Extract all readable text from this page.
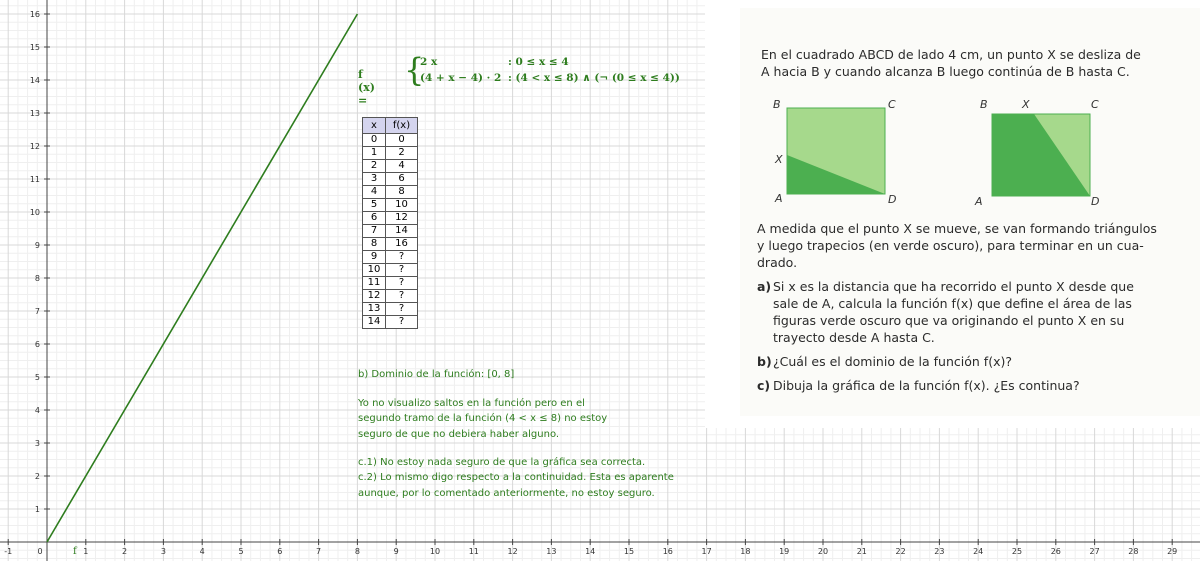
-1	0	1	2	3	4	5	6	7	8	9	10	11	12	13	14	15	16	17	18	19	20	21	22	23	24	25	26	27	28	29
1
2
3
4
5
6
7
8
9
10
11
12
13
14
15
16
f
f (x) =
{
2 x	: 0 ≤ x ≤ 4
(4 + x − 4) · 2 : (4 < x ≤ 8) ∧ (¬ (0 ≤ x ≤ 4))
x	f(x)
0	0
1	2
2	4
3	6
4	8
5	10
6	12
7	14
8	16
9	?
10	?
11	?
12	?
13	?
14	?
b) Dominio de la función: [0, 8]
Yo no visualizo saltos en la función pero en el
segundo tramo de la función (4 < x ≤ 8) no estoy
seguro de que no debiera haber alguno.
c.1) No estoy nada seguro de que la gráfica sea correcta.
c.2) Lo mismo digo respecto a la continuidad. Esta es aparente
aunque, por lo comentado anteriormente, no estoy seguro.
En el cuadrado ABCD de lado 4 cm, un punto X se desliza de
A hacia B y cuando alcanza B luego continúa de B hasta C.
B	C
X
A	D
B	X	C
A	D
A medida que el punto X se mueve, se van formando triángulos
y luego trapecios (en verde oscuro), para terminar en un cua-
drado.
a) Si x es la distancia que ha recorrido el punto X desde que
sale de A, calcula la función f(x) que define el área de las
figuras verde oscuro que va originando el punto X en su
trayecto desde A hasta C.
b) ¿Cuál es el dominio de la función f(x)?
c) Dibuja la gráfica de la función f(x). ¿Es continua?
